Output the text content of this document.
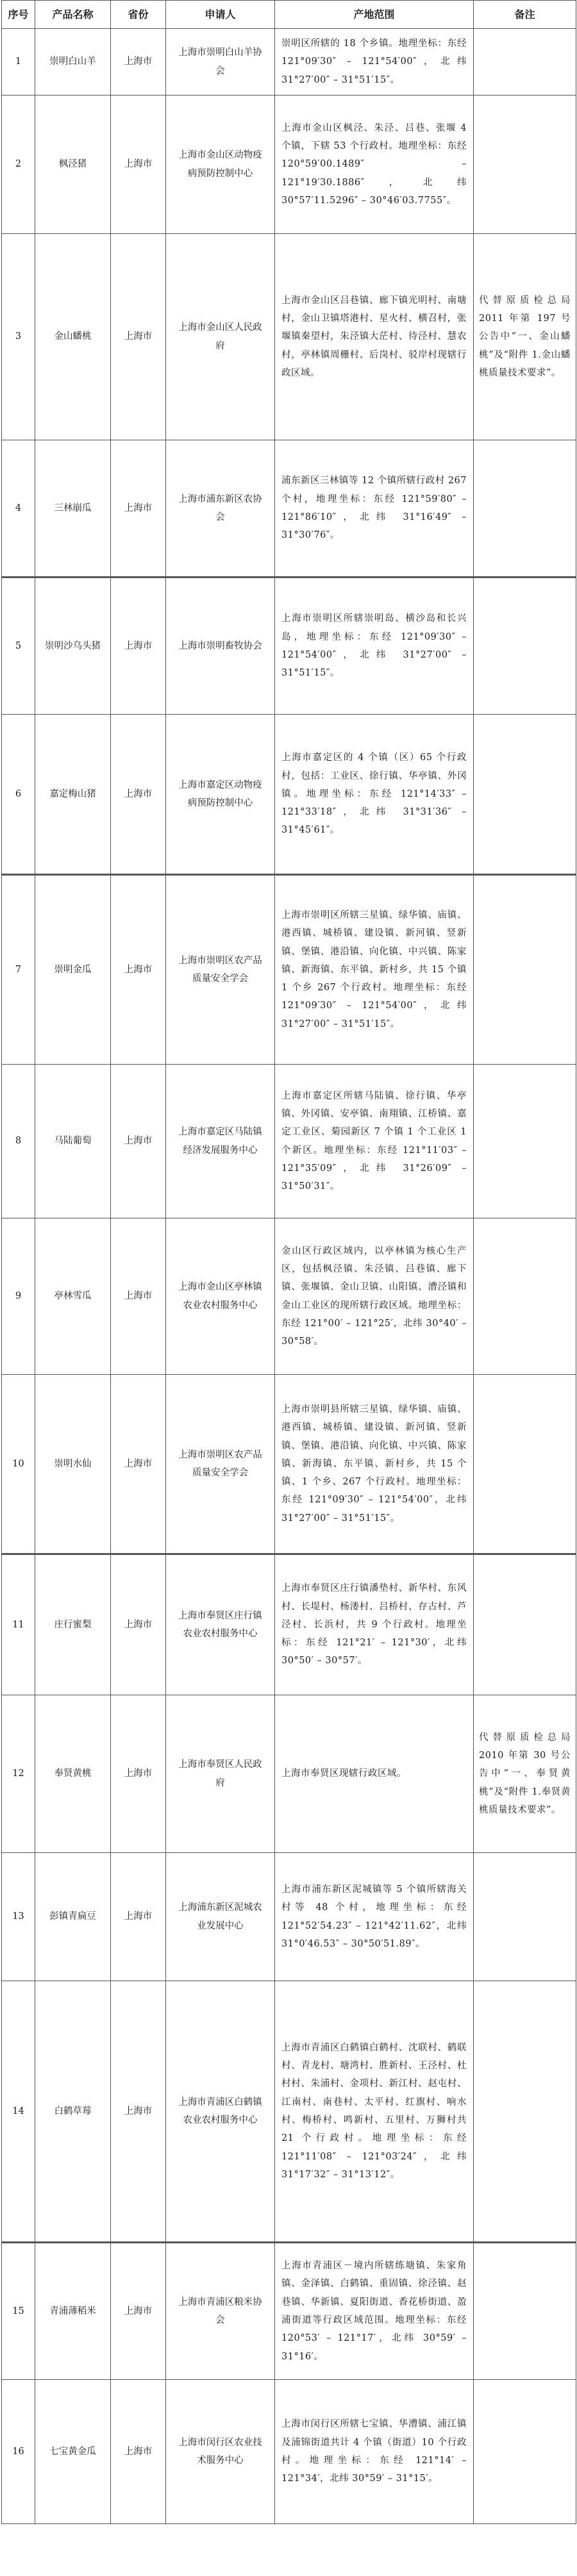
序号	产品名称	省份	申请人	产地范围	备注
1	崇明白山羊	上海市	上海市崇明白山羊协会	崇明区所辖的 18 个乡镇。地理坐标：东经 121°09′30″ – 121°54′00″，北纬 31°27′00″ – 31°51′15″。	
2	枫泾猪	上海市	上海市金山区动物疫病预防控制中心	上海市金山区枫泾、朱泾、吕巷、张堰 4 个镇，下辖 53 个行政村。地理坐标：东经 120°59′00.1489″ – 121°19′30.1886″，北纬 30°57′11.5296″ – 30°46′03.7755″。	
3	金山蟠桃	上海市	上海市金山区人民政府	上海市金山区吕巷镇、廊下镇光明村、南塘村，金山卫镇塔港村、星火村、横召村，张堰镇秦望村，朱泾镇大茫村、待泾村、慧农村，亭林镇周栅村、后岗村、驳岸村现辖行政区域。	代替原质检总局 2011 年第 197 号公告中“一、金山蟠桃”及“附件 1.金山蟠桃质量技术要求”。
4	三林崩瓜	上海市	上海市浦东新区农协会	浦东新区三林镇等 12 个镇所辖行政村 267 个村，地理坐标：东经 121°59′80″ – 121°86′10″，北纬 31°16′49″ – 31°30′76″。	
5	崇明沙乌头猪	上海市	上海市崇明畜牧协会	上海市崇明区所辖崇明岛、横沙岛和长兴岛，地理坐标：东经 121°09′30″ – 121°54′00″，北纬 31°27′00″ – 31°51′15″。	
6	嘉定梅山猪	上海市	上海市嘉定区动物疫病预防控制中心	上海市嘉定区的 4 个镇（区）65 个行政村，包括：工业区、徐行镇、华亭镇、外冈镇。地理坐标：东经 121°14′33″ – 121°33′18″，北纬 31°31′36″ – 31°45′61″。	
7	崇明金瓜	上海市	上海市崇明区农产品质量安全学会	上海市崇明区所辖三星镇、绿华镇、庙镇、港西镇、城桥镇、建设镇、新河镇、竖新镇、堡镇、港沿镇、向化镇、中兴镇、陈家镇、新海镇、东平镇、新村乡，共 15 个镇 1 个乡 267 个行政村。地理坐标：东经 121°09′30″ – 121°54′00″，北纬 31°27′00″ – 31°51′15″。	
8	马陆葡萄	上海市	上海市嘉定区马陆镇经济发展服务中心	上海市嘉定区所辖马陆镇、徐行镇、华亭镇、外冈镇、安亭镇、南翔镇、江桥镇、嘉定工业区、菊园新区 7 个镇 1 个工业区 1 个新区。地理坐标：东经 121°11′03″ – 121°35′09″，北纬 31°26′09″ – 31°50′31″。	
9	亭林雪瓜	上海市	上海市金山区亭林镇农业农村服务中心	金山区行政区域内，以亭林镇为核心生产区，包括枫泾镇、朱泾镇、吕巷镇、廊下镇、张堰镇、金山卫镇、山阳镇、漕泾镇和金山工业区的现所辖行政区域。地理坐标：东经 121°00′ – 121°25′，北纬 30°40′ – 30°58′。	
10	崇明水仙	上海市	上海市崇明区农产品质量安全学会	上海市崇明县所辖三星镇、绿华镇、庙镇、港西镇、城桥镇、建设镇、新河镇、竖新镇、堡镇、港沿镇、向化镇、中兴镇、陈家镇、新海镇、东平镇、新村乡，共 15 个镇、1 个乡、267 个行政村。地理坐标：东经 121°09′30″ – 121°54′00″，北纬 31°27′00″ – 31°51′15″。	
11	庄行蜜梨	上海市	上海市奉贤区庄行镇农业农村服务中心	上海市奉贤区庄行镇潘垫村、新华村、东风村、长堤村、杨溇村、吕桥村、存古村、芦泾村、长浜村，共 9 个行政村。地理坐标：东经 121°21′ – 121°30′，北纬 30°50′ – 30°57′。	
12	奉贤黄桃	上海市	上海市奉贤区人民政府	上海市奉贤区现辖行政区域。	代替原质检总局 2010 年第 30 号公告中“一、奉贤黄桃”及“附件 1.奉贤黄桃质量技术要求”。
13	彭镇青扁豆	上海市	上海浦东新区泥城农业发展中心	上海市浦东新区泥城镇等 5 个镇所辖海关村等 48 个村，地理坐标：东经 121°52′54.23″ – 121°42′11.62″，北纬 31°0′46.53″ – 30°50′51.89″。	
14	白鹤草莓	上海市	上海市青浦区白鹤镇农业农村服务中心	上海市青浦区白鹤镇白鹤村、沈联村、鹤联村、青龙村、塘湾村、胜新村、王泾村、杜村村、朱浦村、金项村、新江村、赵屯村、江南村、南巷村、太平村、红旗村、响水村、梅桥村、鸣新村、五里村、万狮村共 21 个行政村。地理坐标：东经 121°11′08″ – 121°03′24″，北纬 31°17′32″ – 31°13′12″。	
15	青浦薄稻米	上海市	上海市青浦区粮米协会	上海市青浦区－境内所辖练塘镇、朱家角镇、金泽镇、白鹤镇、重固镇、徐泾镇、赵巷镇、华新镇、夏阳街道、香花桥街道、盈浦街道等行政区域范围。地理坐标：东经 120°53′ – 121°17′，北纬 30°59′ – 31°16′。	
16	七宝黄金瓜	上海市	上海市闵行区农业技术服务中心	上海市闵行区所辖七宝镇、华漕镇、浦江镇及浦锦街道共计 4 个镇（街道）10 个行政村。地理坐标：东经 121°14′ – 121°34′，北纬 30°59′ – 31°15′。	
